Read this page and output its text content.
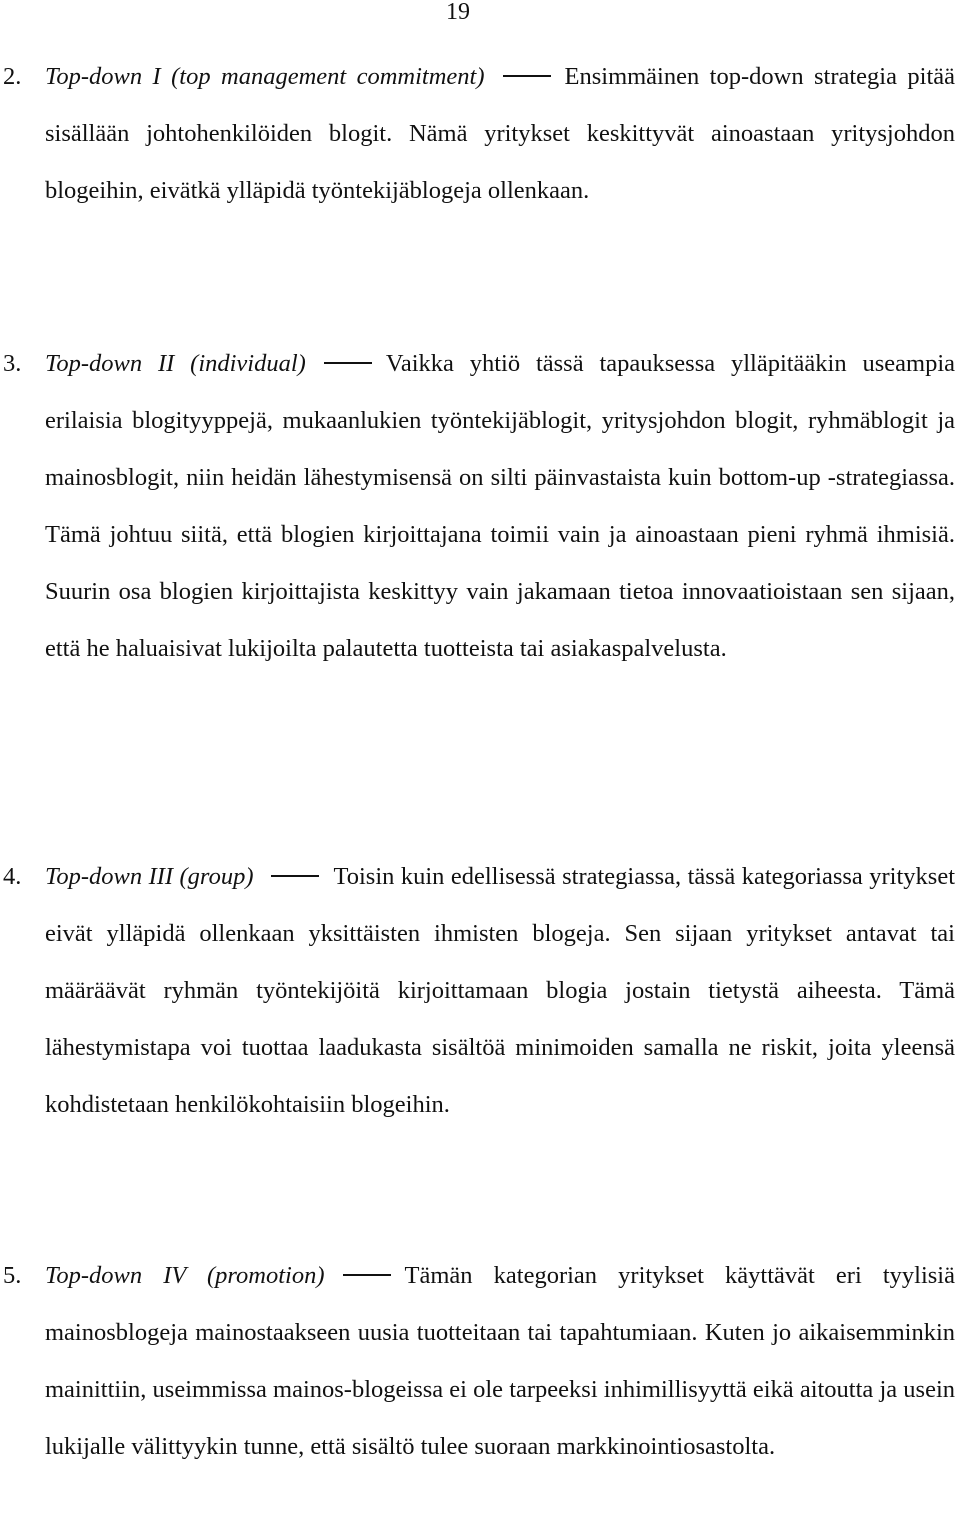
19

2. Top-down I (top management commitment)	Ensimmäinen top-down strategia pitää sisällään johtohenkilöiden blogit. Nämä yritykset keskittyvät ainoastaan yritysjohdon blogeihin, eivätkä ylläpidä työntekijäblogeja ollenkaan.

3. Top-down II (individual)	Vaikka yhtiö tässä tapauksessa ylläpitääkin useampia erilaisia blogityyppejä, mukaanlukien työntekijäblogit, yritysjohdon blogit, ryhmäblogit ja mainosblogit, niin heidän lähestymisensä on silti päinvastaista kuin bottom-up -strategiassa. Tämä johtuu siitä, että blogien kirjoittajana toimii vain ja ainoastaan pieni ryhmä ihmisiä. Suurin osa blogien kirjoittajista keskittyy vain jakamaan tietoa innovaatioistaan sen sijaan, että he haluaisivat lukijoilta palautetta tuotteista tai asiakaspalvelusta.

4. Top-down III (group)	Toisin kuin edellisessä strategiassa, tässä kategoriassa yritykset eivät ylläpidä ollenkaan yksittäisten ihmisten blogeja. Sen sijaan yritykset antavat tai määräävät ryhmän työntekijöitä kirjoittamaan blogia jostain tietystä aiheesta. Tämä lähestymistapa voi tuottaa laadukasta sisältöä minimoiden samalla ne riskit, joita yleensä kohdistetaan henkilökohtaisiin blogeihin.

5. Top-down IV (promotion)	Tämän kategorian yritykset käyttävät eri tyylisiä mainosblogeja mainostaakseen uusia tuotteitaan tai tapahtumiaan. Kuten jo aikaisemminkin mainittiin, useimmissa mainos-blogeissa ei ole tarpeeksi inhimillisyyttä eikä aitoutta ja usein lukijalle välittyykin tunne, että sisältö tulee suoraan markkinointiosastolta.
